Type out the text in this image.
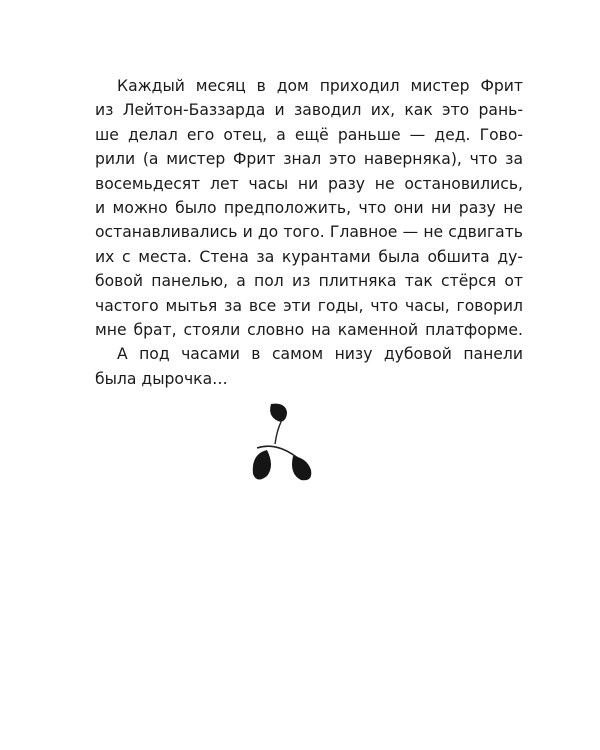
Каждый месяц в дом приходил мистер Фрит
из Лейтон-Баззарда и заводил их, как это рань-
ше делал его отец, а ещё раньше — дед. Гово-
рили (а мистер Фрит знал это наверняка), что за
восемьдесят лет часы ни разу не остановились,
и можно было предположить, что они ни разу не
останавливались и до того. Главное — не сдвигать
их с места. Стена за курантами была обшита ду-
бовой панелью, а пол из плитняка так стёрся от
частого мытья за все эти годы, что часы, говорил
мне брат, стояли словно на каменной платформе.
А под часами в самом низу дубовой панели
была дырочка…
